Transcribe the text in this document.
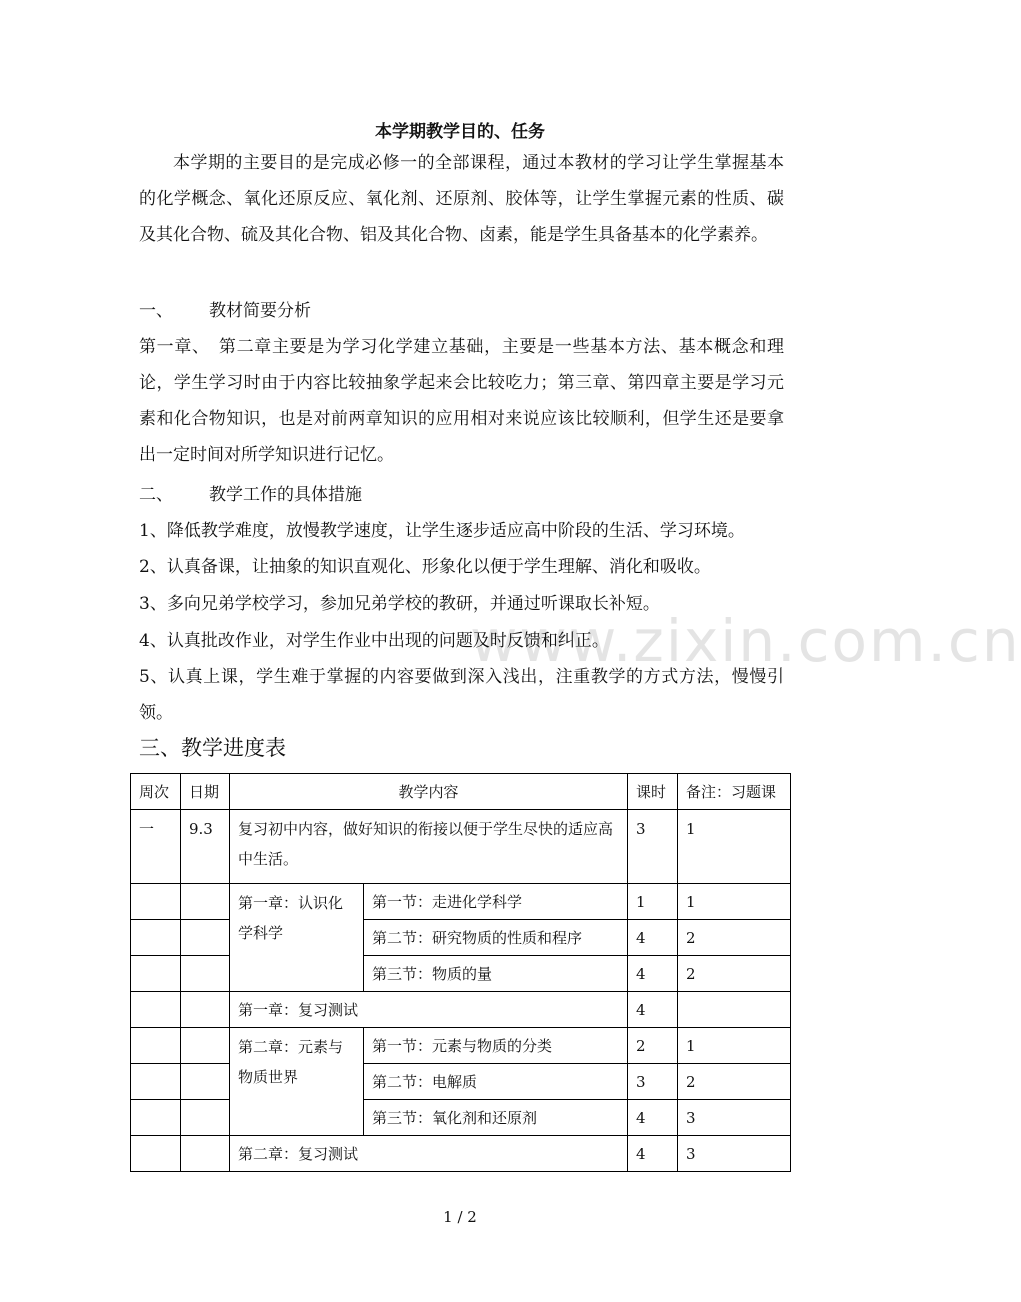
www.zixin.com.cn
本学期教学目的、任务
本学期的主要目的是完成必修一的全部课程，通过本教材的学习让学生掌握基本的化学概念、氧化还原反应、氧化剂、还原剂、胶体等，让学生掌握元素的性质、碳及其化合物、硫及其化合物、铝及其化合物、卤素，能是学生具备基本的化学素养。
一、 教材简要分析
第一章、　第二章主要是为学习化学建立基础，主要是一些基本方法、基本概念和理论，学生学习时由于内容比较抽象学起来会比较吃力；第三章、第四章主要是学习元素和化合物知识，也是对前两章知识的应用相对来说应该比较顺利，但学生还是要拿出一定时间对所学知识进行记忆。
二、 教学工作的具体措施
1、降低教学难度，放慢教学速度，让学生逐步适应高中阶段的生活、学习环境。
2、认真备课，让抽象的知识直观化、形象化以便于学生理解、消化和吸收。
3、多向兄弟学校学习，参加兄弟学校的教研，并通过听课取长补短。
4、认真批改作业，对学生作业中出现的问题及时反馈和纠正。
5、认真上课，学生难于掌握的内容要做到深入浅出，注重教学的方式方法，慢慢引领。
三、教学进度表
周次	日期	教学内容		课时	备注：习题课
一	9.3	复习初中内容，做好知识的衔接以便于学生尽快的适应高中生活。		3	1
		第一章：认识化学科学	第一节：走进化学科学	1	1
			第二节：研究物质的性质和程序	4	2
			第三节：物质的量	4	2
		第一章：复习测试		4	
		第二章：元素与物质世界	第一节：元素与物质的分类	2	1
			第二节：电解质	3	2
			第三节：氧化剂和还原剂	4	3
		第二章：复习测试		4	3
1 / 2
